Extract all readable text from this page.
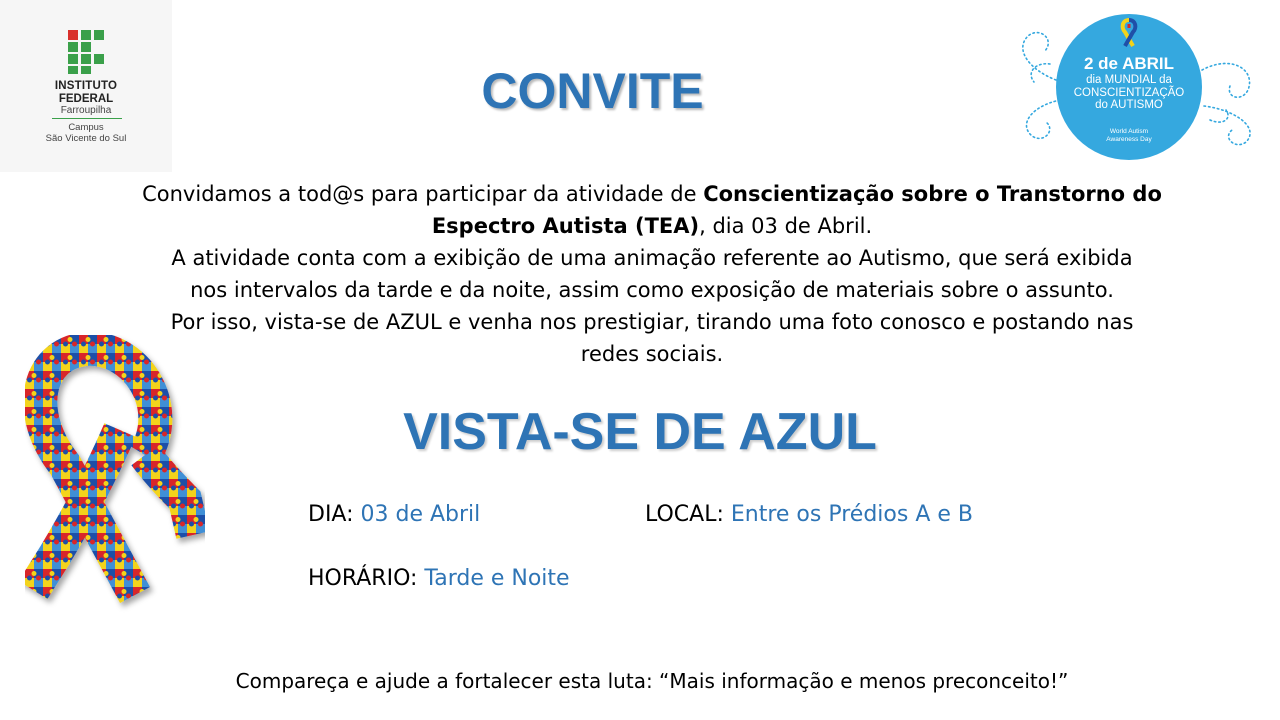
INSTITUTO
FEDERAL
Farroupilha
Campus
São Vicente do Sul
2 de ABRIL
dia MUNDIAL da
CONSCIENTIZAÇÃO
do AUTISMO
World Autism
Awareness Day
CONVITE

Convidamos a tod@s para participar da atividade de Conscientização sobre o Transtorno do

Espectro Autista (TEA), dia 03 de Abril.

A atividade conta com a exibição de uma animação referente ao Autismo, que será exibida

nos intervalos da tarde e da noite, assim como exposição de materiais sobre o assunto.

Por isso, vista-se de AZUL e venha nos prestigiar, tirando uma foto conosco e postando nas

redes sociais.

VISTA-SE DE AZUL
DIA: 03 de Abril	LOCAL: Entre os Prédios A e B
HORÁRIO: Tarde e Noite
Compareça e ajude a fortalecer esta luta: “Mais informação e menos preconceito!”
